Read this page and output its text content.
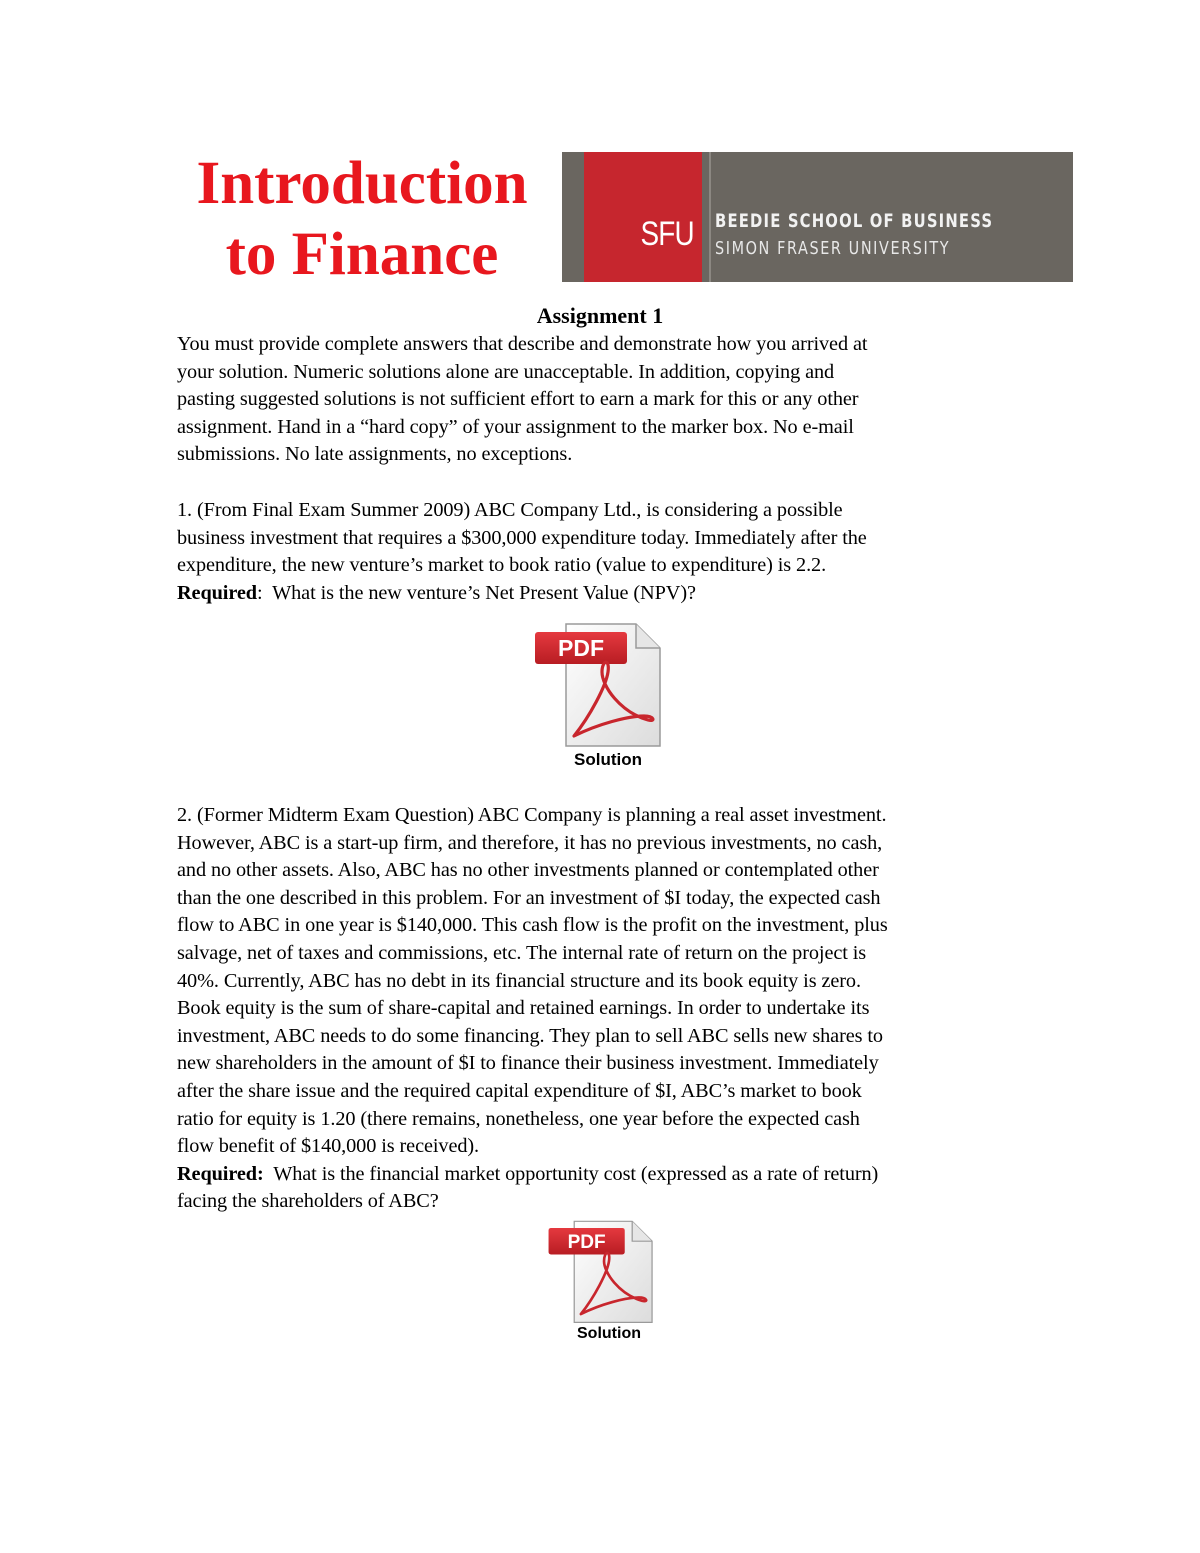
Introduction
to Finance	SFU	BEEDIE SCHOOL OF BUSINESS
SIMON FRASER UNIVERSITY
Assignment 1
You must provide complete answers that describe and demonstrate how you arrived at
your solution. Numeric solutions alone are unacceptable. In addition, copying and
pasting suggested solutions is not sufficient effort to earn a mark for this or any other
assignment. Hand in a “hard copy” of your assignment to the marker box. No e-mail
submissions. No late assignments, no exceptions.
1. (From Final Exam Summer 2009) ABC Company Ltd., is considering a possible
business investment that requires a $300,000 expenditure today. Immediately after the
expenditure, the new venture’s market to book ratio (value to expenditure) is 2.2.
Required:  What is the new venture’s Net Present Value (NPV)?
PDF
Solution
2. (Former Midterm Exam Question) ABC Company is planning a real asset investment.
However, ABC is a start-up firm, and therefore, it has no previous investments, no cash,
and no other assets. Also, ABC has no other investments planned or contemplated other
than the one described in this problem. For an investment of $I today, the expected cash
flow to ABC in one year is $140,000. This cash flow is the profit on the investment, plus
salvage, net of taxes and commissions, etc. The internal rate of return on the project is
40%. Currently, ABC has no debt in its financial structure and its book equity is zero.
Book equity is the sum of share-capital and retained earnings. In order to undertake its
investment, ABC needs to do some financing. They plan to sell ABC sells new shares to
new shareholders in the amount of $I to finance their business investment. Immediately
after the share issue and the required capital expenditure of $I, ABC’s market to book
ratio for equity is 1.20 (there remains, nonetheless, one year before the expected cash
flow benefit of $140,000 is received).
Required:  What is the financial market opportunity cost (expressed as a rate of return)
facing the shareholders of ABC?
PDF
Solution
